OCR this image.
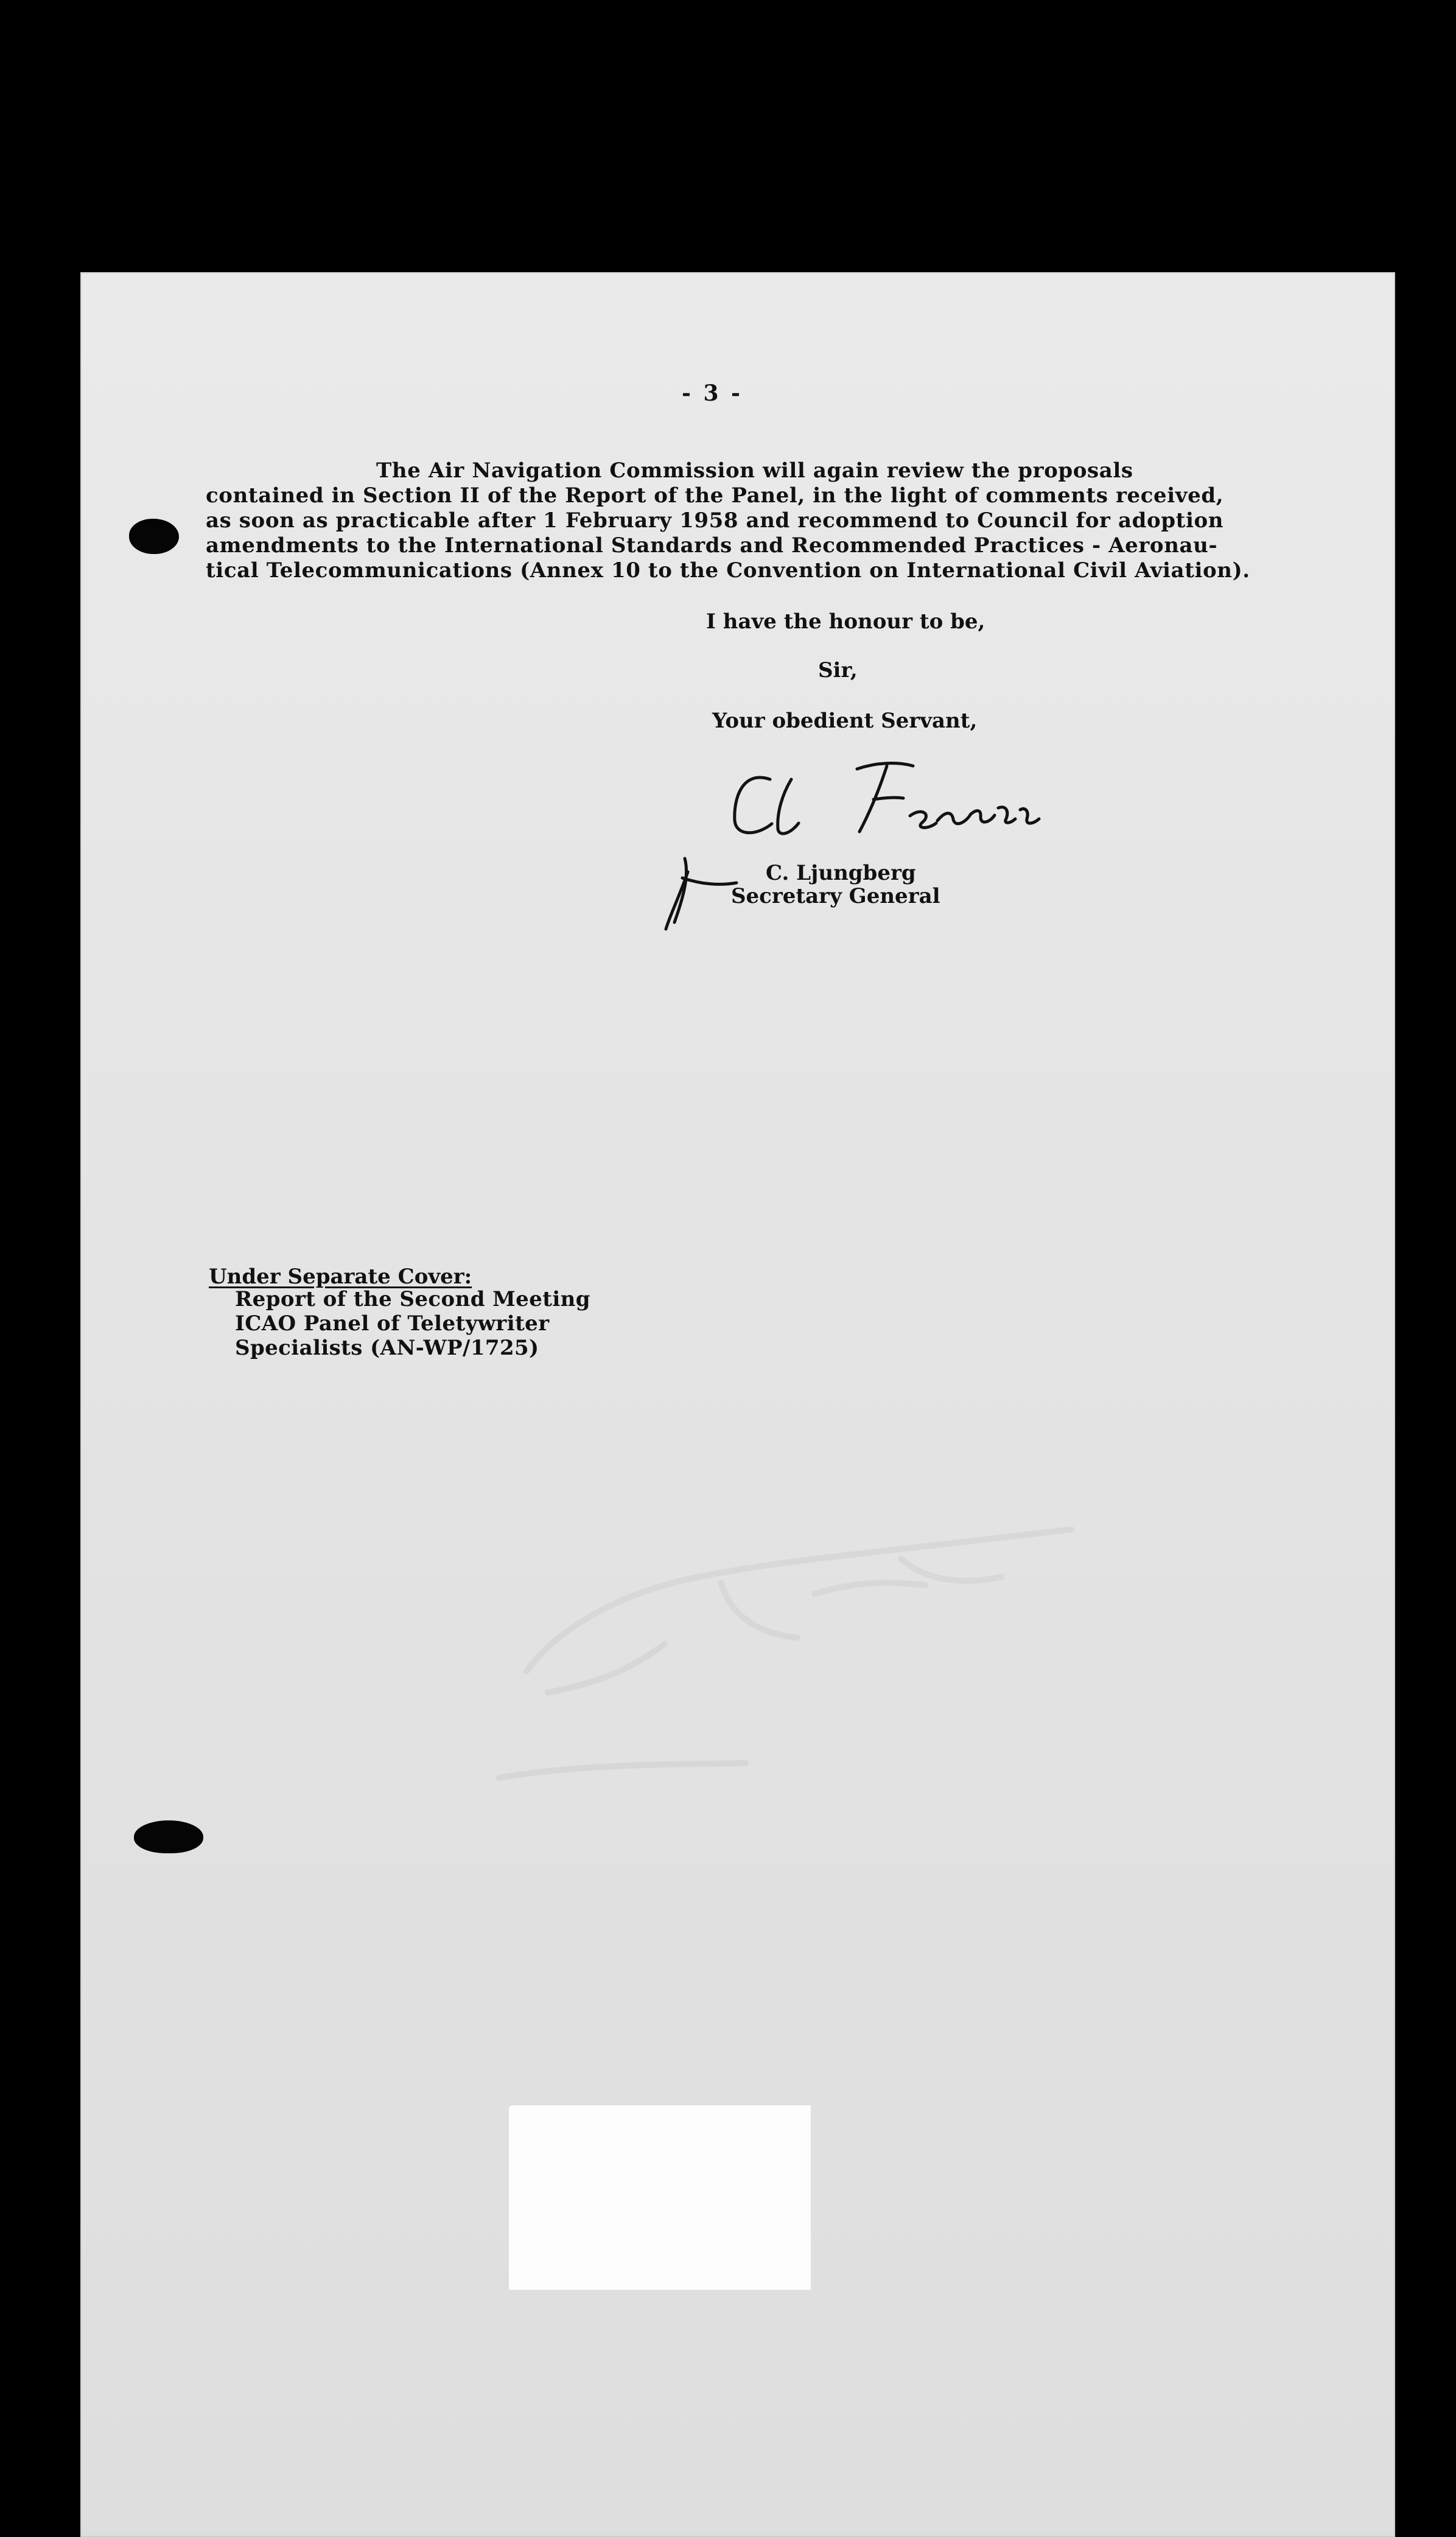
- 3 -
The Air Navigation Commission will again review the proposals
contained in Section II of the Report of the Panel, in the light of comments received,
as soon as practicable after 1 February 1958 and recommend to Council for adoption
amendments to the International Standards and Recommended Practices - Aeronau-
tical Telecommunications (Annex 10 to the Convention on International Civil Aviation).
I have the honour to be,
Sir,
Your obedient Servant,
C. Ljungberg
Secretary General
Under Separate Cover:
Report of the Second Meeting
ICAO Panel of Teletywriter
Specialists (AN-WP/1725)
